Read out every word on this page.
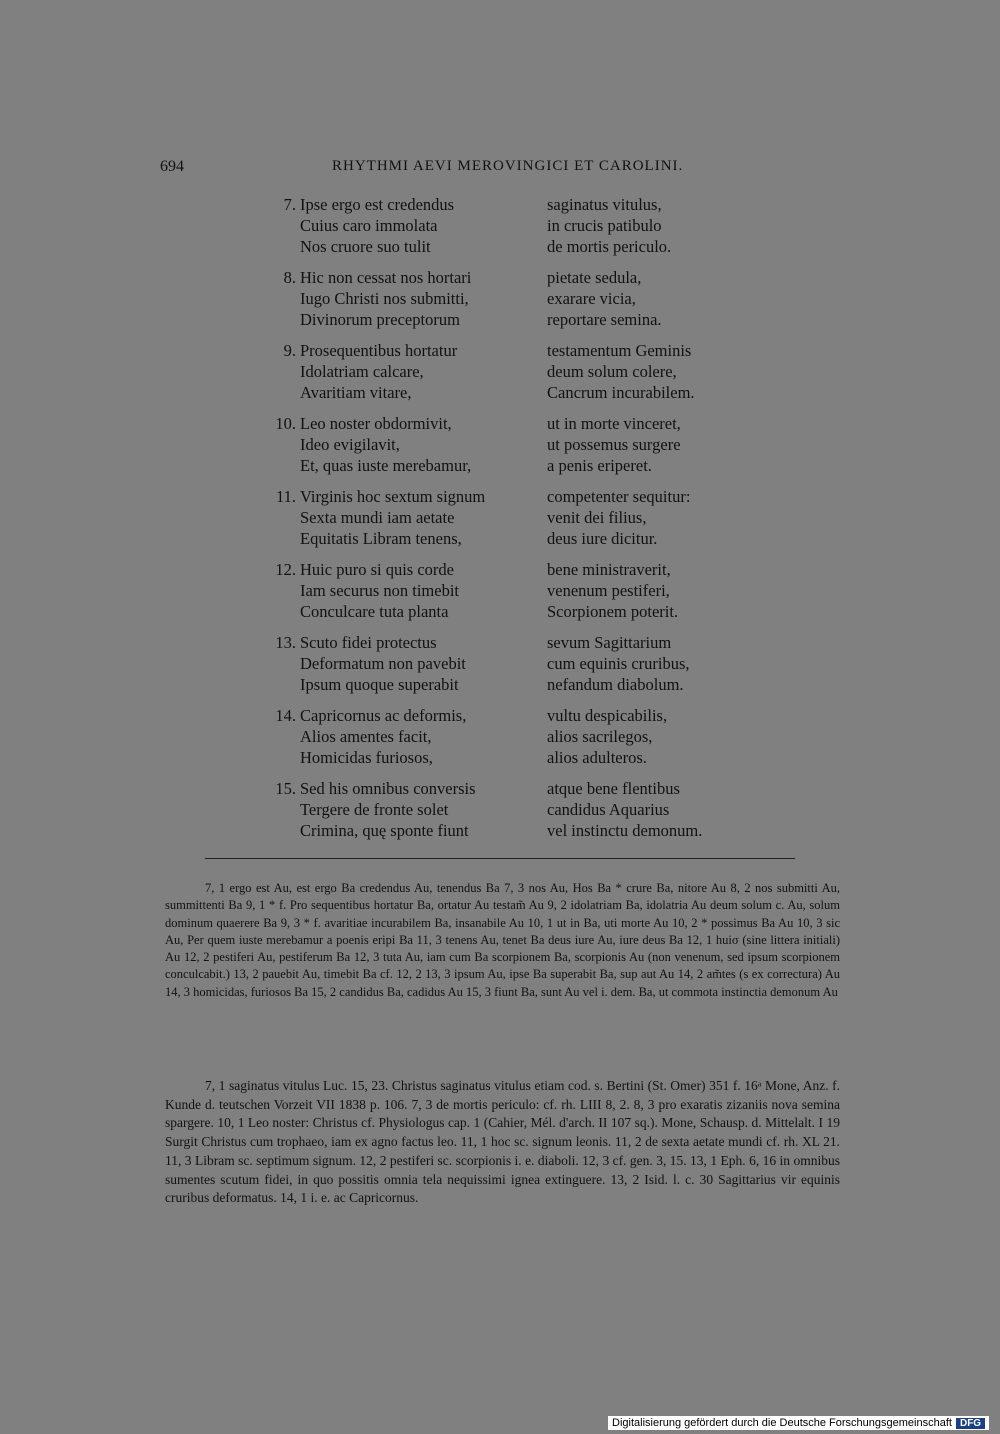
694	RHYTHMI AEVI MEROVINGICI ET CAROLINI.
7. Ipse ergo est credendus	saginatus vitulus,
Cuius caro immolata	in crucis patibulo
Nos cruore suo tulit	de mortis periculo.
8. Hic non cessat nos hortari	pietate sedula,
Iugo Christi nos submitti,	exarare vicia,
Divinorum preceptorum	reportare semina.
9. Prosequentibus hortatur	testamentum Geminis
Idolatriam calcare,	deum solum colere,
Avaritiam vitare,	Cancrum incurabilem.
10. Leo noster obdormivit,	ut in morte vinceret,
Ideo evigilavit,	ut possemus surgere
Et, quas iuste merebamur,	a penis eriperet.
11. Virginis hoc sextum signum	competenter sequitur:
Sexta mundi iam aetate	venit dei filius,
Equitatis Libram tenens,	deus iure dicitur.
12. Huic puro si quis corde	bene ministraverit,
Iam securus non timebit	venenum pestiferi,
Conculcare tuta planta	Scorpionem poterit.
13. Scuto fidei protectus	sevum Sagittarium
Deformatum non pavebit	cum equinis cruribus,
Ipsum quoque superabit	nefandum diabolum.
14. Capricornus ac deformis,	vultu despicabilis,
Alios amentes facit,	alios sacrilegos,
Homicidas furiosos,	alios adulteros.
15. Sed his omnibus conversis	atque bene flentibus
Tergere de fronte solet	candidus Aquarius
Crimina, quę sponte fiunt	vel instinctu demonum.

7, 1 ergo est Au, est ergo Ba credendus Au, tenendus Ba 7, 3 nos Au, Hos Ba * crure Ba, nitore Au 8, 2 nos submitti Au, summittenti Ba 9, 1 * f. Pro sequentibus hortatur Ba, ortatur Au testam̃ Au 9, 2 idolatriam Ba, idolatria Au deum solum c. Au, solum dominum quaerere Ba 9, 3 * f. avaritiae incurabilem Ba, insanabile Au 10, 1 ut in Ba, uti morte Au 10, 2 * possimus Ba Au 10, 3 sic Au, Per quem iuste merebamur a poenis eripi Ba 11, 3 tenens Au, tenet Ba deus iure Au, iure deus Ba 12, 1 huiσ (sine littera initiali) Au 12, 2 pestiferi Au, pestiferum Ba 12, 3 tuta Au, iam cum Ba scorpionem Ba, scorpionis Au (non venenum, sed ipsum scorpionem conculcabit.) 13, 2 pauebit Au, timebit Ba cf. 12, 2 13, 3 ipsum Au, ipse Ba superabit Ba, sup aut Au 14, 2 am̃tes (s ex correctura) Au 14, 3 homicidas, furiosos Ba 15, 2 candidus Ba, cadidus Au 15, 3 fiunt Ba, sunt Au vel i. dem. Ba, ut commota instinctia demonum Au

7, 1 saginatus vitulus Luc. 15, 23. Christus saginatus vitulus etiam cod. s. Bertini (St. Omer) 351 f. 16ᵃ Mone, Anz. f. Kunde d. teutschen Vorzeit VII 1838 p. 106. 7, 3 de mortis periculo: cf. rh. LIII 8, 2. 8, 3 pro exaratis zizaniis nova semina spargere. 10, 1 Leo noster: Christus cf. Physiologus cap. 1 (Cahier, Mél. d'arch. II 107 sq.). Mone, Schausp. d. Mittelalt. I 19 Surgit Christus cum trophaeo, iam ex agno factus leo. 11, 1 hoc sc. signum leonis. 11, 2 de sexta aetate mundi cf. rh. XL 21. 11, 3 Libram sc. septimum signum. 12, 2 pestiferi sc. scorpionis i. e. diaboli. 12, 3 cf. gen. 3, 15. 13, 1 Eph. 6, 16 in omnibus sumentes scutum fidei, in quo possitis omnia tela nequissimi ignea extinguere. 13, 2 Isid. l. c. 30 Sagittarius vir equinis cruribus deformatus. 14, 1 i. e. ac Capricornus.

Digitalisierung gefördert durch die Deutsche Forschungsgemeinschaft DFG
